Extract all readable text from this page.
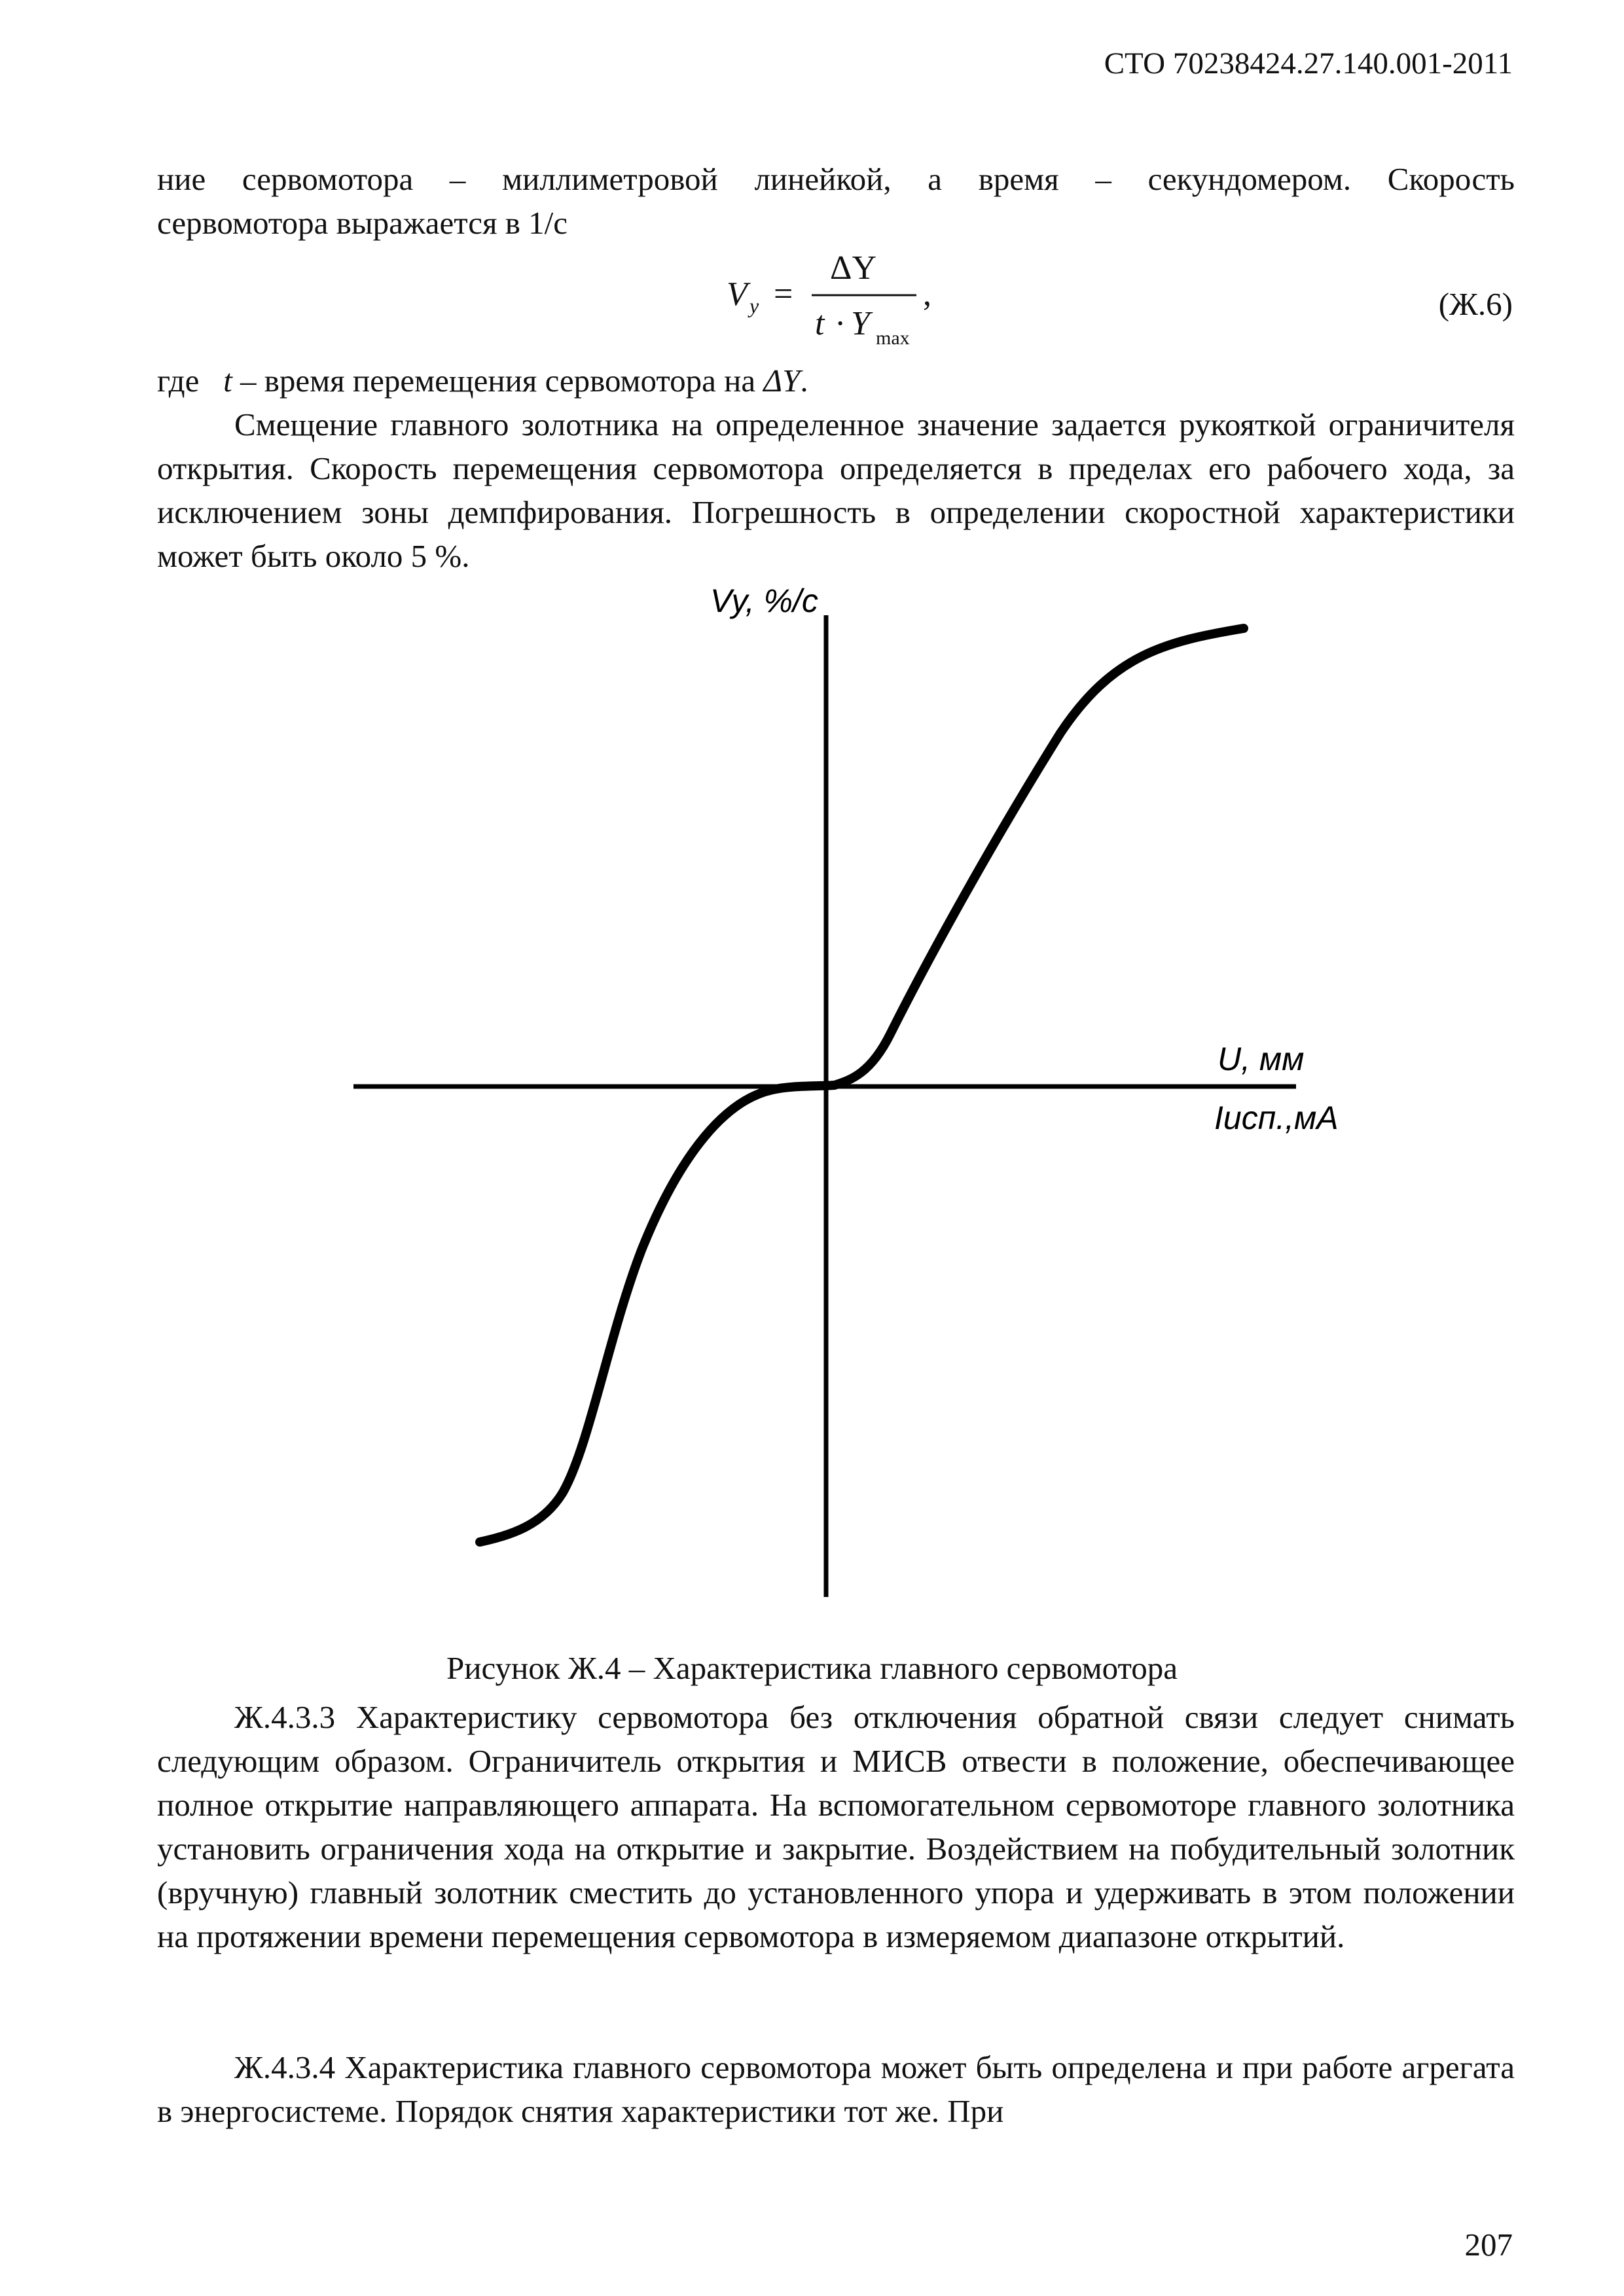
СТО 70238424.27.140.001-2011

ние сервомотора – миллиметровой линейкой, а время – секундомером. Скорость

сервомотора выражается в 1/с

V y =
ΔY
t · Y max
,	(Ж.6)

где t – время перемещения сервомотора на ΔY.

Смещение главного золотника на определенное значение задается рукояткой ограничителя открытия. Скорость перемещения сервомотора определяется в пределах его рабочего хода, за исключением зоны демпфирования. Погрешность в определении скоростной характеристики может быть около 5 %.

Vy, %/с
U, мм
Iисп.,мА
Рисунок Ж.4 – Характеристика главного сервомотора

Ж.4.3.3 Характеристику сервомотора без отключения обратной связи следует снимать следующим образом. Ограничитель открытия и МИСВ отвести в положение, обеспечивающее полное открытие направляющего аппарата. На вспомогательном сервомоторе главного золотника установить ограничения хода на открытие и закрытие. Воздействием на побудительный золотник (вручную) главный золотник сместить до установленного упора и удерживать в этом положении на протяжении времени перемещения сервомотора в измеряемом диапазоне открытий.

Ж.4.3.4 Характеристика главного сервомотора может быть определена и при работе агрегата в энергосистеме. Порядок снятия характеристики тот же. При

207
